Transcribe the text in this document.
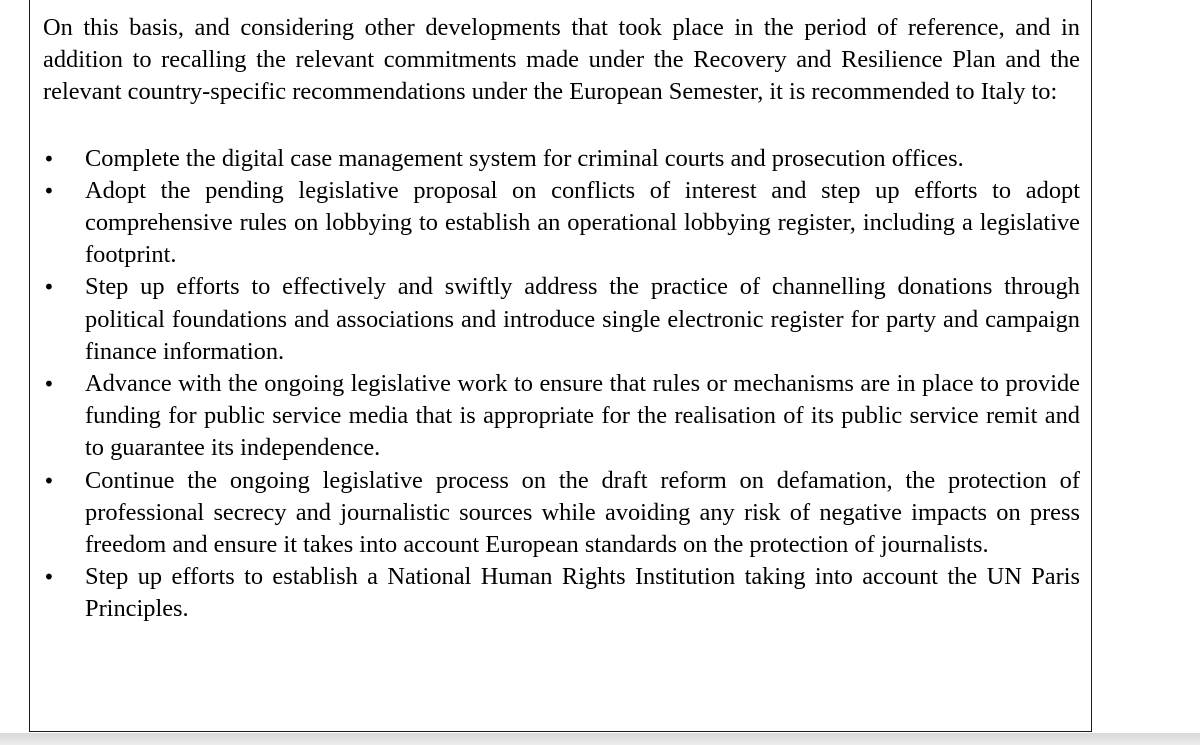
On this basis, and considering other developments that took place in the period of reference, and in addition to recalling the relevant commitments made under the Recovery and Resilience Plan and the relevant country-specific recommendations under the European Semester, it is recommended to Italy to:

• Complete the digital case management system for criminal courts and prosecution offices.
• Adopt the pending legislative proposal on conflicts of interest and step up efforts to adopt comprehensive rules on lobbying to establish an operational lobbying register, including a legislative footprint.
• Step up efforts to effectively and swiftly address the practice of channelling donations through political foundations and associations and introduce single electronic register for party and campaign finance information.
• Advance with the ongoing legislative work to ensure that rules or mechanisms are in place to provide funding for public service media that is appropriate for the realisation of its public service remit and to guarantee its independence.
• Continue the ongoing legislative process on the draft reform on defamation, the protection of professional secrecy and journalistic sources while avoiding any risk of negative impacts on press freedom and ensure it takes into account European standards on the protection of journalists.
• Step up efforts to establish a National Human Rights Institution taking into account the UN Paris Principles.
